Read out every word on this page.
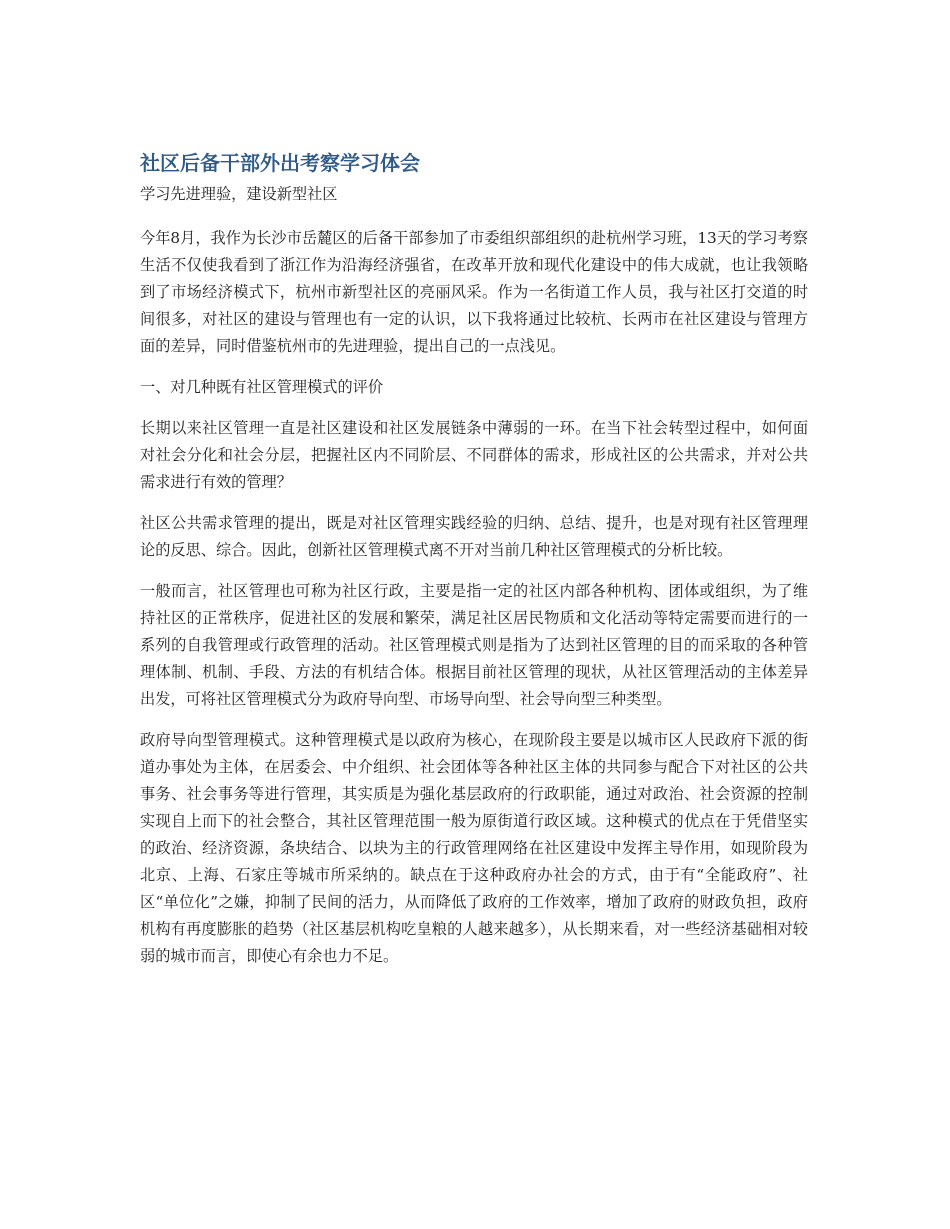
社区后备干部外出考察学习体会

学习先进理验，建设新型社区

今年8月，我作为长沙市岳麓区的后备干部参加了市委组织部组织的赴杭州学习班，13天的学习考察生活不仅使我看到了浙江作为沿海经济强省，在改革开放和现代化建设中的伟大成就，也让我领略到了市场经济模式下，杭州市新型社区的亮丽风采。作为一名街道工作人员，我与社区打交道的时间很多，对社区的建设与管理也有一定的认识，以下我将通过比较杭、长两市在社区建设与管理方面的差异，同时借鉴杭州市的先进理验，提出自己的一点浅见。

一、对几种既有社区管理模式的评价

长期以来社区管理一直是社区建设和社区发展链条中薄弱的一环。在当下社会转型过程中，如何面对社会分化和社会分层，把握社区内不同阶层、不同群体的需求，形成社区的公共需求，并对公共需求进行有效的管理？

社区公共需求管理的提出，既是对社区管理实践经验的归纳、总结、提升，也是对现有社区管理理论的反思、综合。因此，创新社区管理模式离不开对当前几种社区管理模式的分析比较。

一般而言，社区管理也可称为社区行政，主要是指一定的社区内部各种机构、团体或组织，为了维持社区的正常秩序，促进社区的发展和繁荣，满足社区居民物质和文化活动等特定需要而进行的一系列的自我管理或行政管理的活动。社区管理模式则是指为了达到社区管理的目的而采取的各种管理体制、机制、手段、方法的有机结合体。根据目前社区管理的现状，从社区管理活动的主体差异出发，可将社区管理模式分为政府导向型、市场导向型、社会导向型三种类型。

政府导向型管理模式。这种管理模式是以政府为核心，在现阶段主要是以城市区人民政府下派的街道办事处为主体，在居委会、中介组织、社会团体等各种社区主体的共同参与配合下对社区的公共事务、社会事务等进行管理，其实质是为强化基层政府的行政职能，通过对政治、社会资源的控制实现自上而下的社会整合，其社区管理范围一般为原街道行政区域。这种模式的优点在于凭借坚实的政治、经济资源，条块结合、以块为主的行政管理网络在社区建设中发挥主导作用，如现阶段为北京、上海、石家庄等城市所采纳的。缺点在于这种政府办社会的方式，由于有“全能政府”、社区“单位化”之嫌，抑制了民间的活力，从而降低了政府的工作效率，增加了政府的财政负担，政府机构有再度膨胀的趋势（社区基层机构吃皇粮的人越来越多），从长期来看，对一些经济基础相对较弱的城市而言，即使心有余也力不足。
